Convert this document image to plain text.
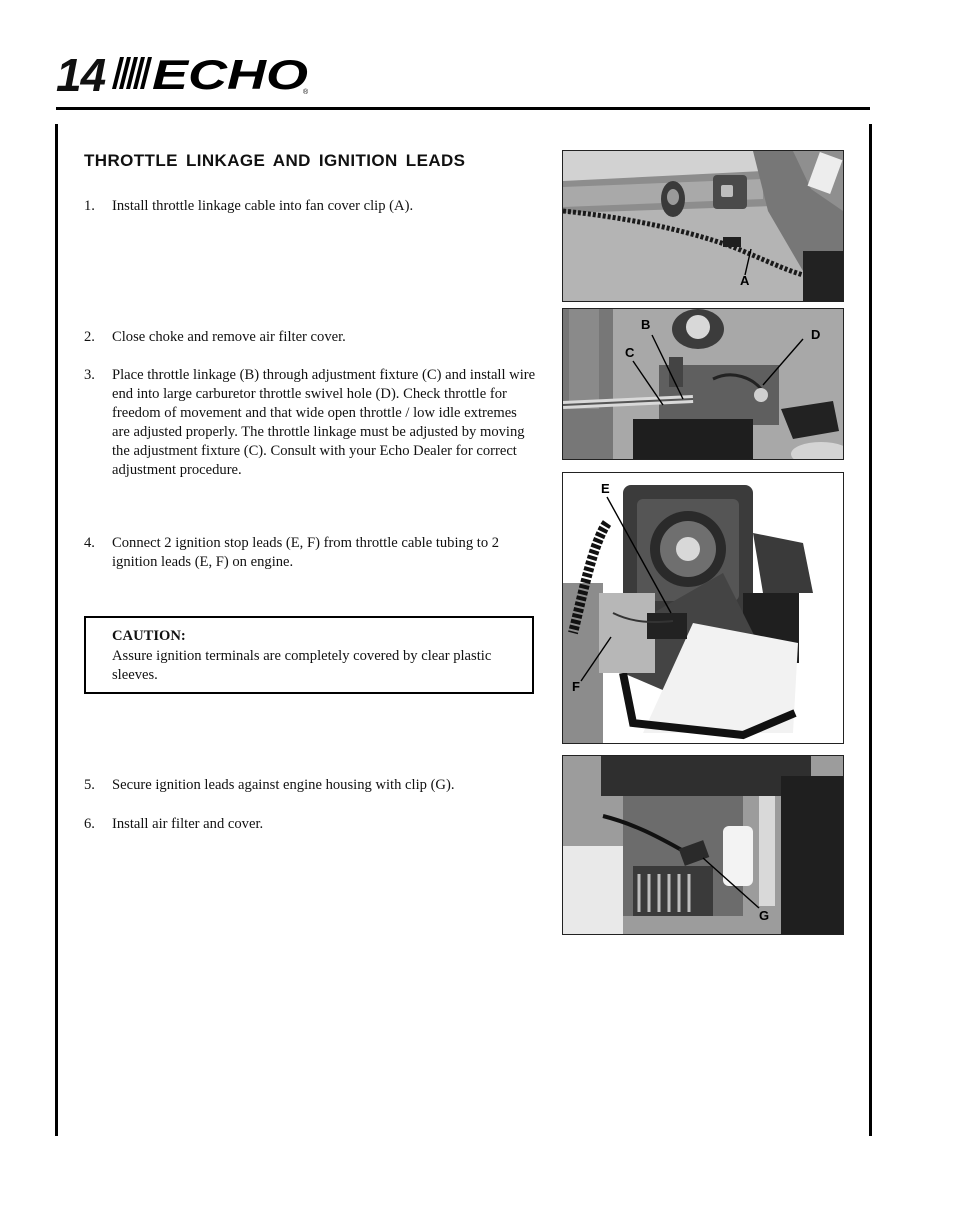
14 ECHO
®
THROTTLE LINKAGE AND IGNITION LEADS
1. Install throttle linkage cable into fan cover clip (A).
2. Close choke and remove air filter cover.
3. Place throttle linkage (B) through adjustment fixture (C) and install wire end into large carburetor throttle swivel hole (D). Check throttle for freedom of movement and that wide open throttle / low idle extremes are adjusted properly. The throttle linkage must be adjusted by moving the adjustment fixture (C). Consult with your Echo Dealer for correct adjustment procedure.
4. Connect 2 ignition stop leads (E, F) from throttle cable tubing to 2 ignition leads (E, F) on engine.
CAUTION:
Assure ignition terminals are completely covered by clear plastic sleeves.
5. Secure ignition leads against engine housing with clip (G).
6. Install air filter and cover.
A
B
C
D
E
F
G
